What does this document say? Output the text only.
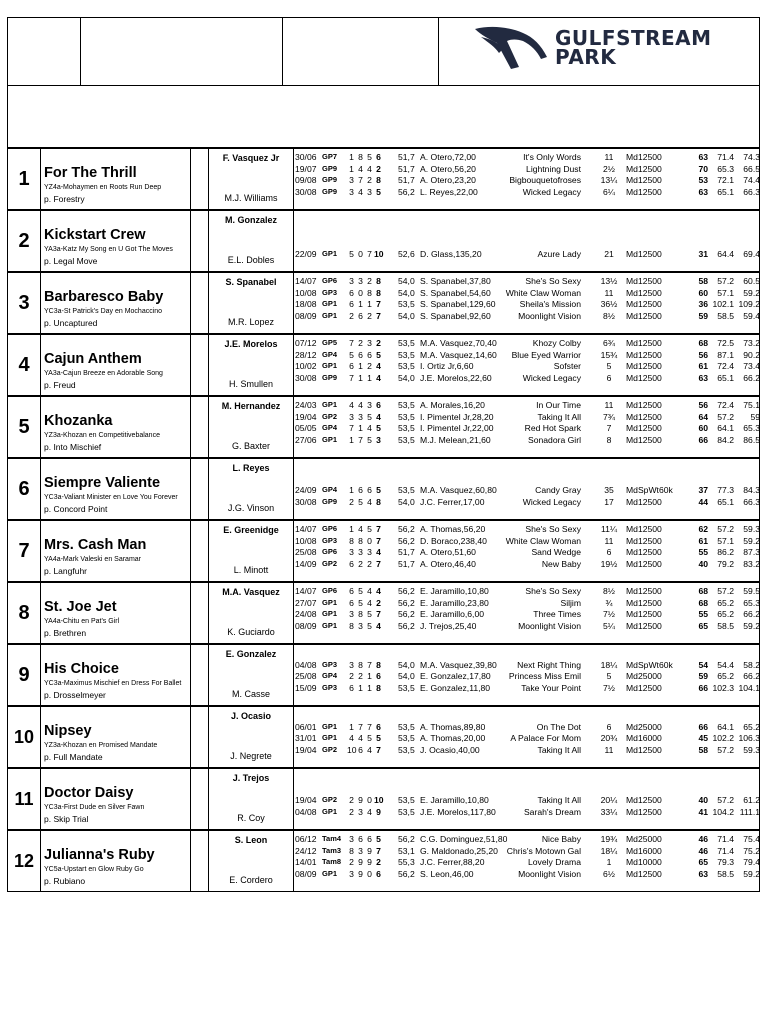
GULFSTREAM
PARK
1 For The Thrill
YZ4a-Mohaymen en Roots Run Deep
p. Forestry
F. Vasquez Jr
M.J. Williams
30/06 GP7 1 8 5 6	51,7 A. Otero,72,00	It's Only Words	11	Md12500	63	71.4	74.3
19/07 GP9 1 4 4 2	51,7 A. Otero,56,20	Lightning Dust	2½	Md12500	70	65.3	66.5
09/08 GP9 3 7 2 8	51,7 A. Otero,23,20	Bigbouquetofroses	13¼	Md12500	53	72.1	74.4
30/08 GP9 3 4 3 5	56,2 L. Reyes,22,00	Wicked Legacy	6¼	Md12500	63	65.1	66.3
2 Kickstart Crew
YA3a-Katz My Song en U Got The Moves
p. Legal Move
M. Gonzalez
E.L. Dobles
22/09 GP1 5 0 7 10	52,6 D. Glass,135,20	Azure Lady	21	Md12500	31	64.4	69.4
3 Barbaresco Baby
YC3a-St Patrick's Day en Mochaccino
p. Uncaptured
S. Spanabel
M.R. Lopez
14/07 GP6 3 3 2 8	54,0 S. Spanabel,37,80	She's So Sexy	13½	Md12500	58	57.2	60.5
10/08 GP3 6 0 8 8	54,0 S. Spanabel,54,60 White Claw Woman	11	Md12500	60	57.1	59.2
18/08 GP1 6 1 1 7	53,5 S. Spanabel,129,60	Sheila's Mission	36½	Md12500	36 102.1 109.2
08/09 GP1 2 6 2 7	54,0 S. Spanabel,92,60	Moonlight Vision	8½	Md12500	59	58.5	59.4
4 Cajun Anthem
YA3a-Cajun Breeze en Adorable Song
p. Freud
J.E. Morelos
H. Smullen
07/12 GP5 7 2 3 2	53,5 M.A. Vasquez,70,40	Khozy Colby	6¾	Md12500	68	72.5	73.2
28/12 GP4 5 6 6 5	53,5 M.A. Vasquez,14,60 Blue Eyed Warrior	15¾	Md12500	56	87.1	90.2
10/02 GP1 6 1 2 4	53,5 I. Ortiz Jr,6,60	Sofster	5	Md12500	61	72.4	73.4
30/08 GP9 7 1 1 4	54,0 J.E. Morelos,22,60	Wicked Legacy	6	Md12500	63	65.1	66.2
5 Khozanka
YZ3a-Khozan en Competitivebalance
p. Into Mischief
M. Hernandez
G. Baxter
24/03 GP1 4 4 3 6	53,5 A. Morales,16,20	In Our Time	11	Md12500	56	72.4	75.1
19/04 GP2 3 3 5 4	53,5 I. Pimentel Jr,28,20	Taking It All	7¾	Md12500	64	57.2	59
05/05 GP4 7 1 4 5	53,5 I. Pimentel Jr,22,00	Red Hot Spark	7	Md12500	60	64.1	65.3
27/06 GP1 1 7 5 3	53,5 M.J. Melean,21,60	Sonadora Girl	8	Md12500	66	84.2	86.5
6 Siempre Valiente
YC3a-Valiant Minister en Love You Forever
p. Concord Point
L. Reyes
J.G. Vinson
24/09 GP4 1 6 6 5	53,5 M.A. Vasquez,60,80	Candy Gray	35	MdSpWt60k	37	77.3	84.3
30/08 GP9 2 5 4 8	54,0 J.C. Ferrer,17,00	Wicked Legacy	17	Md12500	44	65.1	66.3
7 Mrs. Cash Man
YA4a-Mark Valeski en Saramar
p. Langfuhr
E. Greenidge
L. Minott
14/07 GP6 1 4 5 7	56,2 A. Thomas,56,20	She's So Sexy	11¼	Md12500	62	57.2	59.3
10/08 GP3 8 8 0 7	56,2 D. Boraco,238,40 White Claw Woman	11	Md12500	61	57.1	59.2
25/08 GP6 3 3 3 4	51,7 A. Otero,51,60	Sand Wedge	6	Md12500	55	86.2	87.3
14/09 GP2 6 2 2 7	51,7 A. Otero,46,40	New Baby	19½	Md12500	40	79.2	83.2
8 St. Joe Jet
YA4a-Chitu en Pat's Girl
p. Brethren
M.A. Vasquez
K. Guciardo
14/07 GP6 6 5 4 4	56,2 E. Jaramillo,10,80	She's So Sexy	8½	Md12500	68	57.2	59.5
27/07 GP1 6 5 4 2	56,2 E. Jaramillo,23,80	Siljim	¾	Md12500	68	65.2	65.3
24/08 GP1 3 8 5 7	56,2 E. Jaramillo,6,00	Three Times	7½	Md12500	55	65.2	66.2
08/09 GP1 8 3 5 4	56,2 J. Trejos,25,40	Moonlight Vision	5¼	Md12500	65	58.5	59.2
9 His Choice
YC3a-Maximus Mischief en Dress For Ballet
p. Drosselmeyer
E. Gonzalez
M. Casse
04/08 GP3 3 8 7 8	54,0 M.A. Vasquez,39,80 Next Right Thing	18¼	MdSpWt60k	54	54.4	58.2
25/08 GP4 2 2 1 6	54,0 E. Gonzalez,17,80 Princess Miss Emil	5	Md25000	59	65.2	66.2
15/09 GP3 6 1 1 8	53,5 E. Gonzalez,11,80	Take Your Point	7½	Md12500	66 102.3 104.1
10 Nipsey
YZ3a-Khozan en Promised Mandate
p. Full Mandate
J. Ocasio
J. Negrete
06/01 GP1 1 7 7 6	53,5 A. Thomas,89,80	On The Dot	6	Md25000	66	64.1	65.2
31/01 GP1 4 4 5 5	53,5 A. Thomas,20,00	A Palace For Mom	20¾	Md16000	45 102.2 106.3
19/04 GP2 10 6 4 7	53,5 J. Ocasio,40,00	Taking It All	11	Md12500	58	57.2	59.3
11 Doctor Daisy
YC3a-First Dude en Silver Fawn
p. Skip Trial
J. Trejos
R. Coy
19/04 GP2 2 9 0 10	53,5 E. Jaramillo,10,80	Taking It All	20¼	Md12500	40	57.2	61.2
04/08 GP1 2 3 4 9	53,5 J.E. Morelos,117,80	Sarah's Dream	33¼	Md12500	41 104.2 111.1
12 Julianna's Ruby
YC5a-Upstart en Glow Ruby Go
p. Rubiano
S. Leon
E. Cordero
06/12 Tam4 3 6 6 5	56,2 C.G. Dominguez,51,80	Nice Baby	19¾	Md25000	46	71.4	75.4
24/12 Tam3 8 3 9 7	53,1 G. Maldonado,25,20 Chris's Motown Gal	18¼	Md16000	46	71.4	75.2
14/01 Tam8 2 9 9 2	55,3 J.C. Ferrer,88,20	Lovely Drama	1	Md10000	65	79.3	79.4
08/09 GP1 3 9 0 6	56,2 S. Leon,46,00	Moonlight Vision	6½	Md12500	63	58.5	59.2
